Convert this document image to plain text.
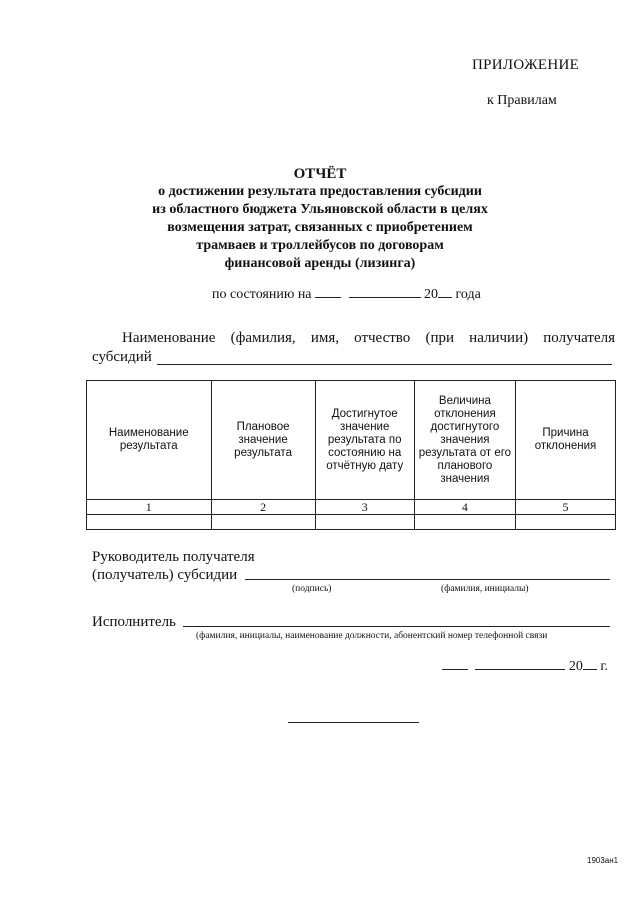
ПРИЛОЖЕНИЕ
к Правилам
ОТЧЁТ
о достижении результата предоставления субсидии
из областного бюджета Ульяновской области в целях
возмещения затрат, связанных с приобретением
трамваев и троллейбусов по договорам
финансовой аренды (лизинга)
по состоянию на	20 года
Наименование (фамилия, имя, отчество (при наличии) получателя
субсидий
Наименование результата	Плановое значение результата	Достигнутое значение результата по состоянию на отчётную дату	Величина отклонения достигнутого значения результата от его планового значения	Причина отклонения
1	2	3	4	5

Руководитель получателя
(получатель) субсидии
(подпись)	(фамилия, инициалы)
Исполнитель
(фамилия, инициалы, наименование должности, абонентский номер телефонной связи
20 г.
1903ан1
